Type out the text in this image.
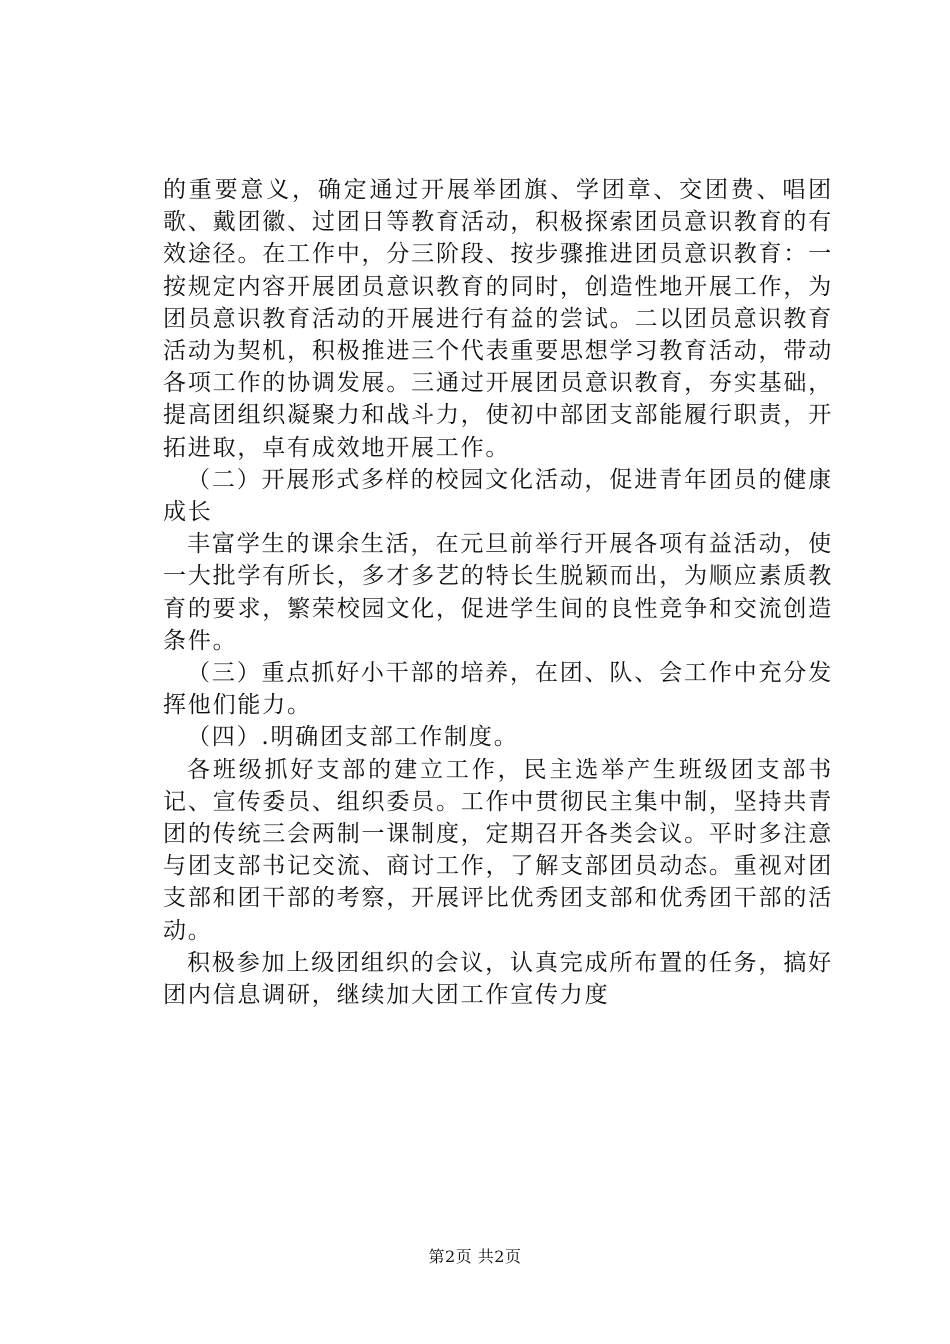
的重要意义，确定通过开展举团旗、学团章、交团费、唱团歌、戴团徽、过团日等教育活动，积极探索团员意识教育的有效途径。在工作中，分三阶段、按步骤推进团员意识教育：一按规定内容开展团员意识教育的同时，创造性地开展工作，为团员意识教育活动的开展进行有益的尝试。二以团员意识教育活动为契机，积极推进三个代表重要思想学习教育活动，带动各项工作的协调发展。三通过开展团员意识教育，夯实基础，提高团组织凝聚力和战斗力，使初中部团支部能履行职责，开拓进取，卓有成效地开展工作。

（二）开展形式多样的校园文化活动，促进青年团员的健康成长

丰富学生的课余生活，在元旦前举行开展各项有益活动，使一大批学有所长，多才多艺的特长生脱颖而出，为顺应素质教育的要求，繁荣校园文化，促进学生间的良性竞争和交流创造条件。

（三）重点抓好小干部的培养，在团、队、会工作中充分发挥他们能力。

（四）.明确团支部工作制度。

各班级抓好支部的建立工作，民主选举产生班级团支部书记、宣传委员、组织委员。工作中贯彻民主集中制，坚持共青团的传统三会两制一课制度，定期召开各类会议。平时多注意与团支部书记交流、商讨工作，了解支部团员动态。重视对团支部和团干部的考察，开展评比优秀团支部和优秀团干部的活动。

积极参加上级团组织的会议，认真完成所布置的任务，搞好团内信息调研，继续加大团工作宣传力度

第2页 共2页
